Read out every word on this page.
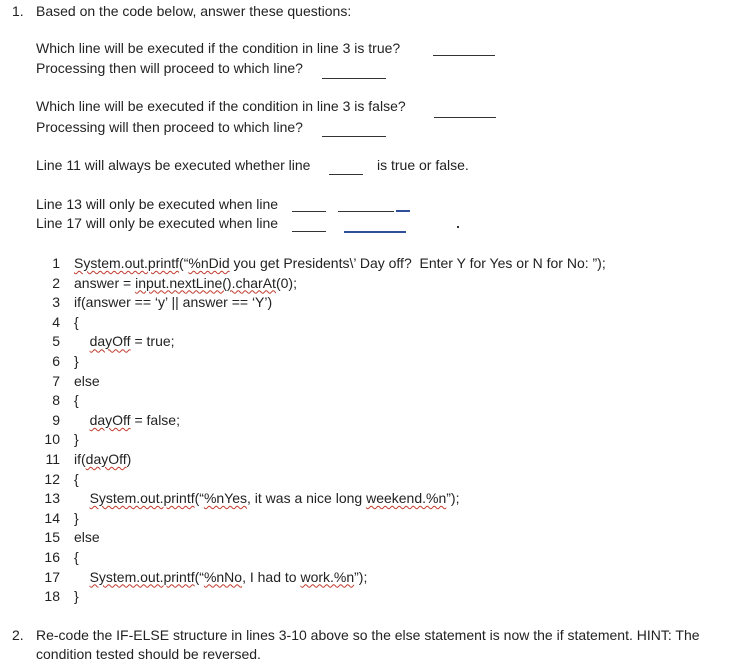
1. Based on the code below, answer these questions:
Which line will be executed if the condition in line 3 is true?
Processing then will proceed to which line?
Which line will be executed if the condition in line 3 is false?
Processing will then proceed to which line?
Line 11 will always be executed whether line	is true or false.
Line 13 will only be executed when line
Line 17 will only be executed when line
1 System.out.printf(“%nDid you get Presidents\’ Day off?  Enter Y for Yes or N for No: ”);
2 answer = input.nextLine().charAt(0);
3 if(answer == ‘y’ || answer == ‘Y’)
4 {
5	dayOff = true;
6 }
7 else
8 {
9	dayOff = false;
10 }
11 if(dayOff)
12 {
13	System.out.printf(“%nYes, it was a nice long weekend.%n”);
14 }
15 else
16 {
17	System.out.printf(“%nNo, I had to work.%n”);
18 }
2. Re-code the IF-ELSE structure in lines 3-10 above so the else statement is now the if statement. HINT: The
condition tested should be reversed.
